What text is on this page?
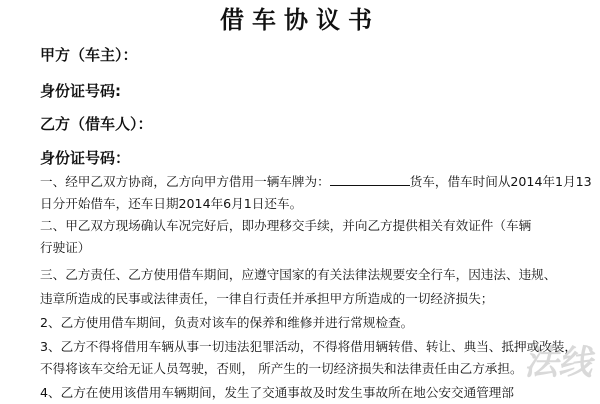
借车协议书
甲方（车主）：
身份证号码:
乙方（借车人）：
身份证号码：
一、经甲乙双方协商，乙方向甲方借用一辆车牌为：	货车，借车时间从2014年1月13
日分开始借车，还车日期2014年6月1日还车。
二、甲乙双方现场确认车况完好后，即办理移交手续，并向乙方提供相关有效证件（车辆
行驶证）
三、乙方责任、乙方使用借车期间，应遵守国家的有关法律法规要安全行车，因违法、违规、
违章所造成的民事或法律责任，一律自行责任并承担甲方所造成的一切经济损失；
2、乙方使用借车期间，负责对该车的保养和维修并进行常规检查。
3、乙方不得将借用车辆从事一切违法犯罪活动，不得将借用辆转借、转让、典当、抵押或改装，
不得将该车交给无证人员驾驶，否则， 所产生的一切经济损失和法律责任由乙方承担。
4、乙方在使用该借用车辆期间，发生了交通事故及时发生事故所在地公安交通管理部
法线
